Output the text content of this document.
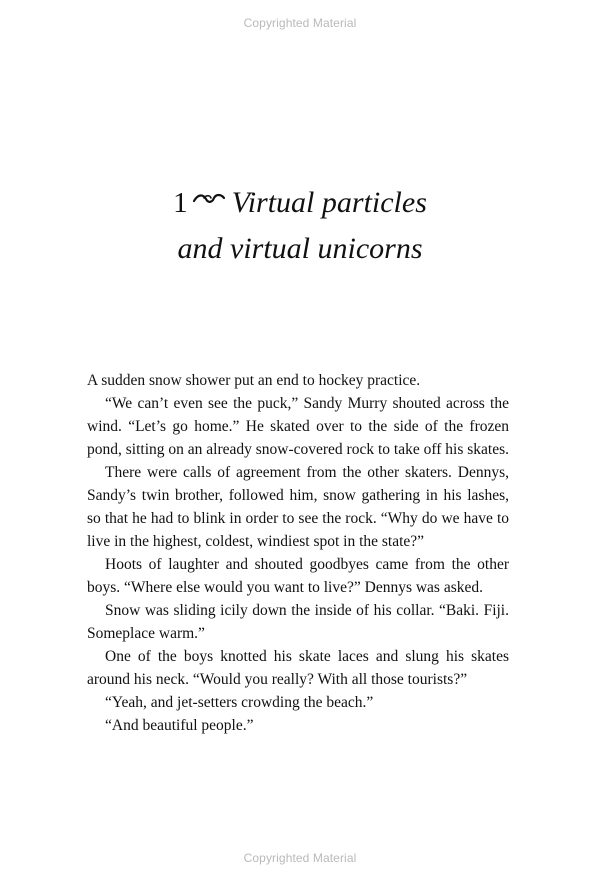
Copyrighted Material
1 Virtual particles
and virtual unicorns

A sudden snow shower put an end to hockey practice.

“We can’t even see the puck,” Sandy Murry shouted across the wind. “Let’s go home.” He skated over to the side of the frozen pond, sitting on an already snow-covered rock to take off his skates.

There were calls of agreement from the other skaters. Dennys, Sandy’s twin brother, followed him, snow gathering in his lashes, so that he had to blink in order to see the rock. “Why do we have to live in the highest, coldest, windiest spot in the state?”

Hoots of laughter and shouted goodbyes came from the other boys. “Where else would you want to live?” Dennys was asked.

Snow was sliding icily down the inside of his collar. “Baki. Fiji. Someplace warm.”

One of the boys knotted his skate laces and slung his skates around his neck. “Would you really? With all those tourists?”

“Yeah, and jet-setters crowding the beach.”

“And beautiful people.”

Copyrighted Material
